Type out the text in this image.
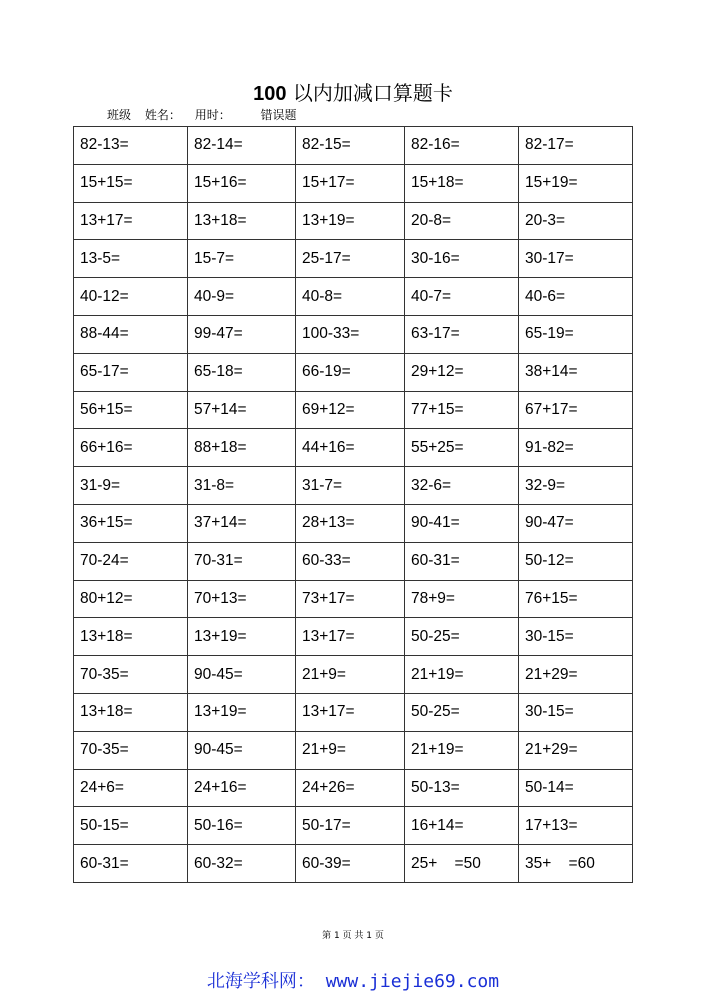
100 以内加减口算题卡
班级 姓名： 用时： 错误题
82-13=	82-14=	82-15=	82-16=	82-17=
15+15=	15+16=	15+17=	15+18=	15+19=
13+17=	13+18=	13+19=	20-8=	20-3=
13-5=	15-7=	25-17=	30-16=	30-17=
40-12=	40-9=	40-8=	40-7=	40-6=
88-44=	99-47=	100-33=	63-17=	65-19=
65-17=	65-18=	66-19=	29+12=	38+14=
56+15=	57+14=	69+12=	77+15=	67+17=
66+16=	88+18=	44+16=	55+25=	91-82=
31-9=	31-8=	31-7=	32-6=	32-9=
36+15=	37+14=	28+13=	90-41=	90-47=
70-24=	70-31=	60-33=	60-31=	50-12=
80+12=	70+13=	73+17=	78+9=	76+15=
13+18=	13+19=	13+17=	50-25=	30-15=
70-35=	90-45=	21+9=	21+19=	21+29=
13+18=	13+19=	13+17=	50-25=	30-15=
70-35=	90-45=	21+9=	21+19=	21+29=
24+6=	24+16=	24+26=	50-13=	50-14=
50-15=	50-16=	50-17=	16+14=	17+13=
60-31=	60-32=	60-39=	25+    =50	35+    =60
第 1 页 共 1 页
北海学科网： www.jiejie69.com
